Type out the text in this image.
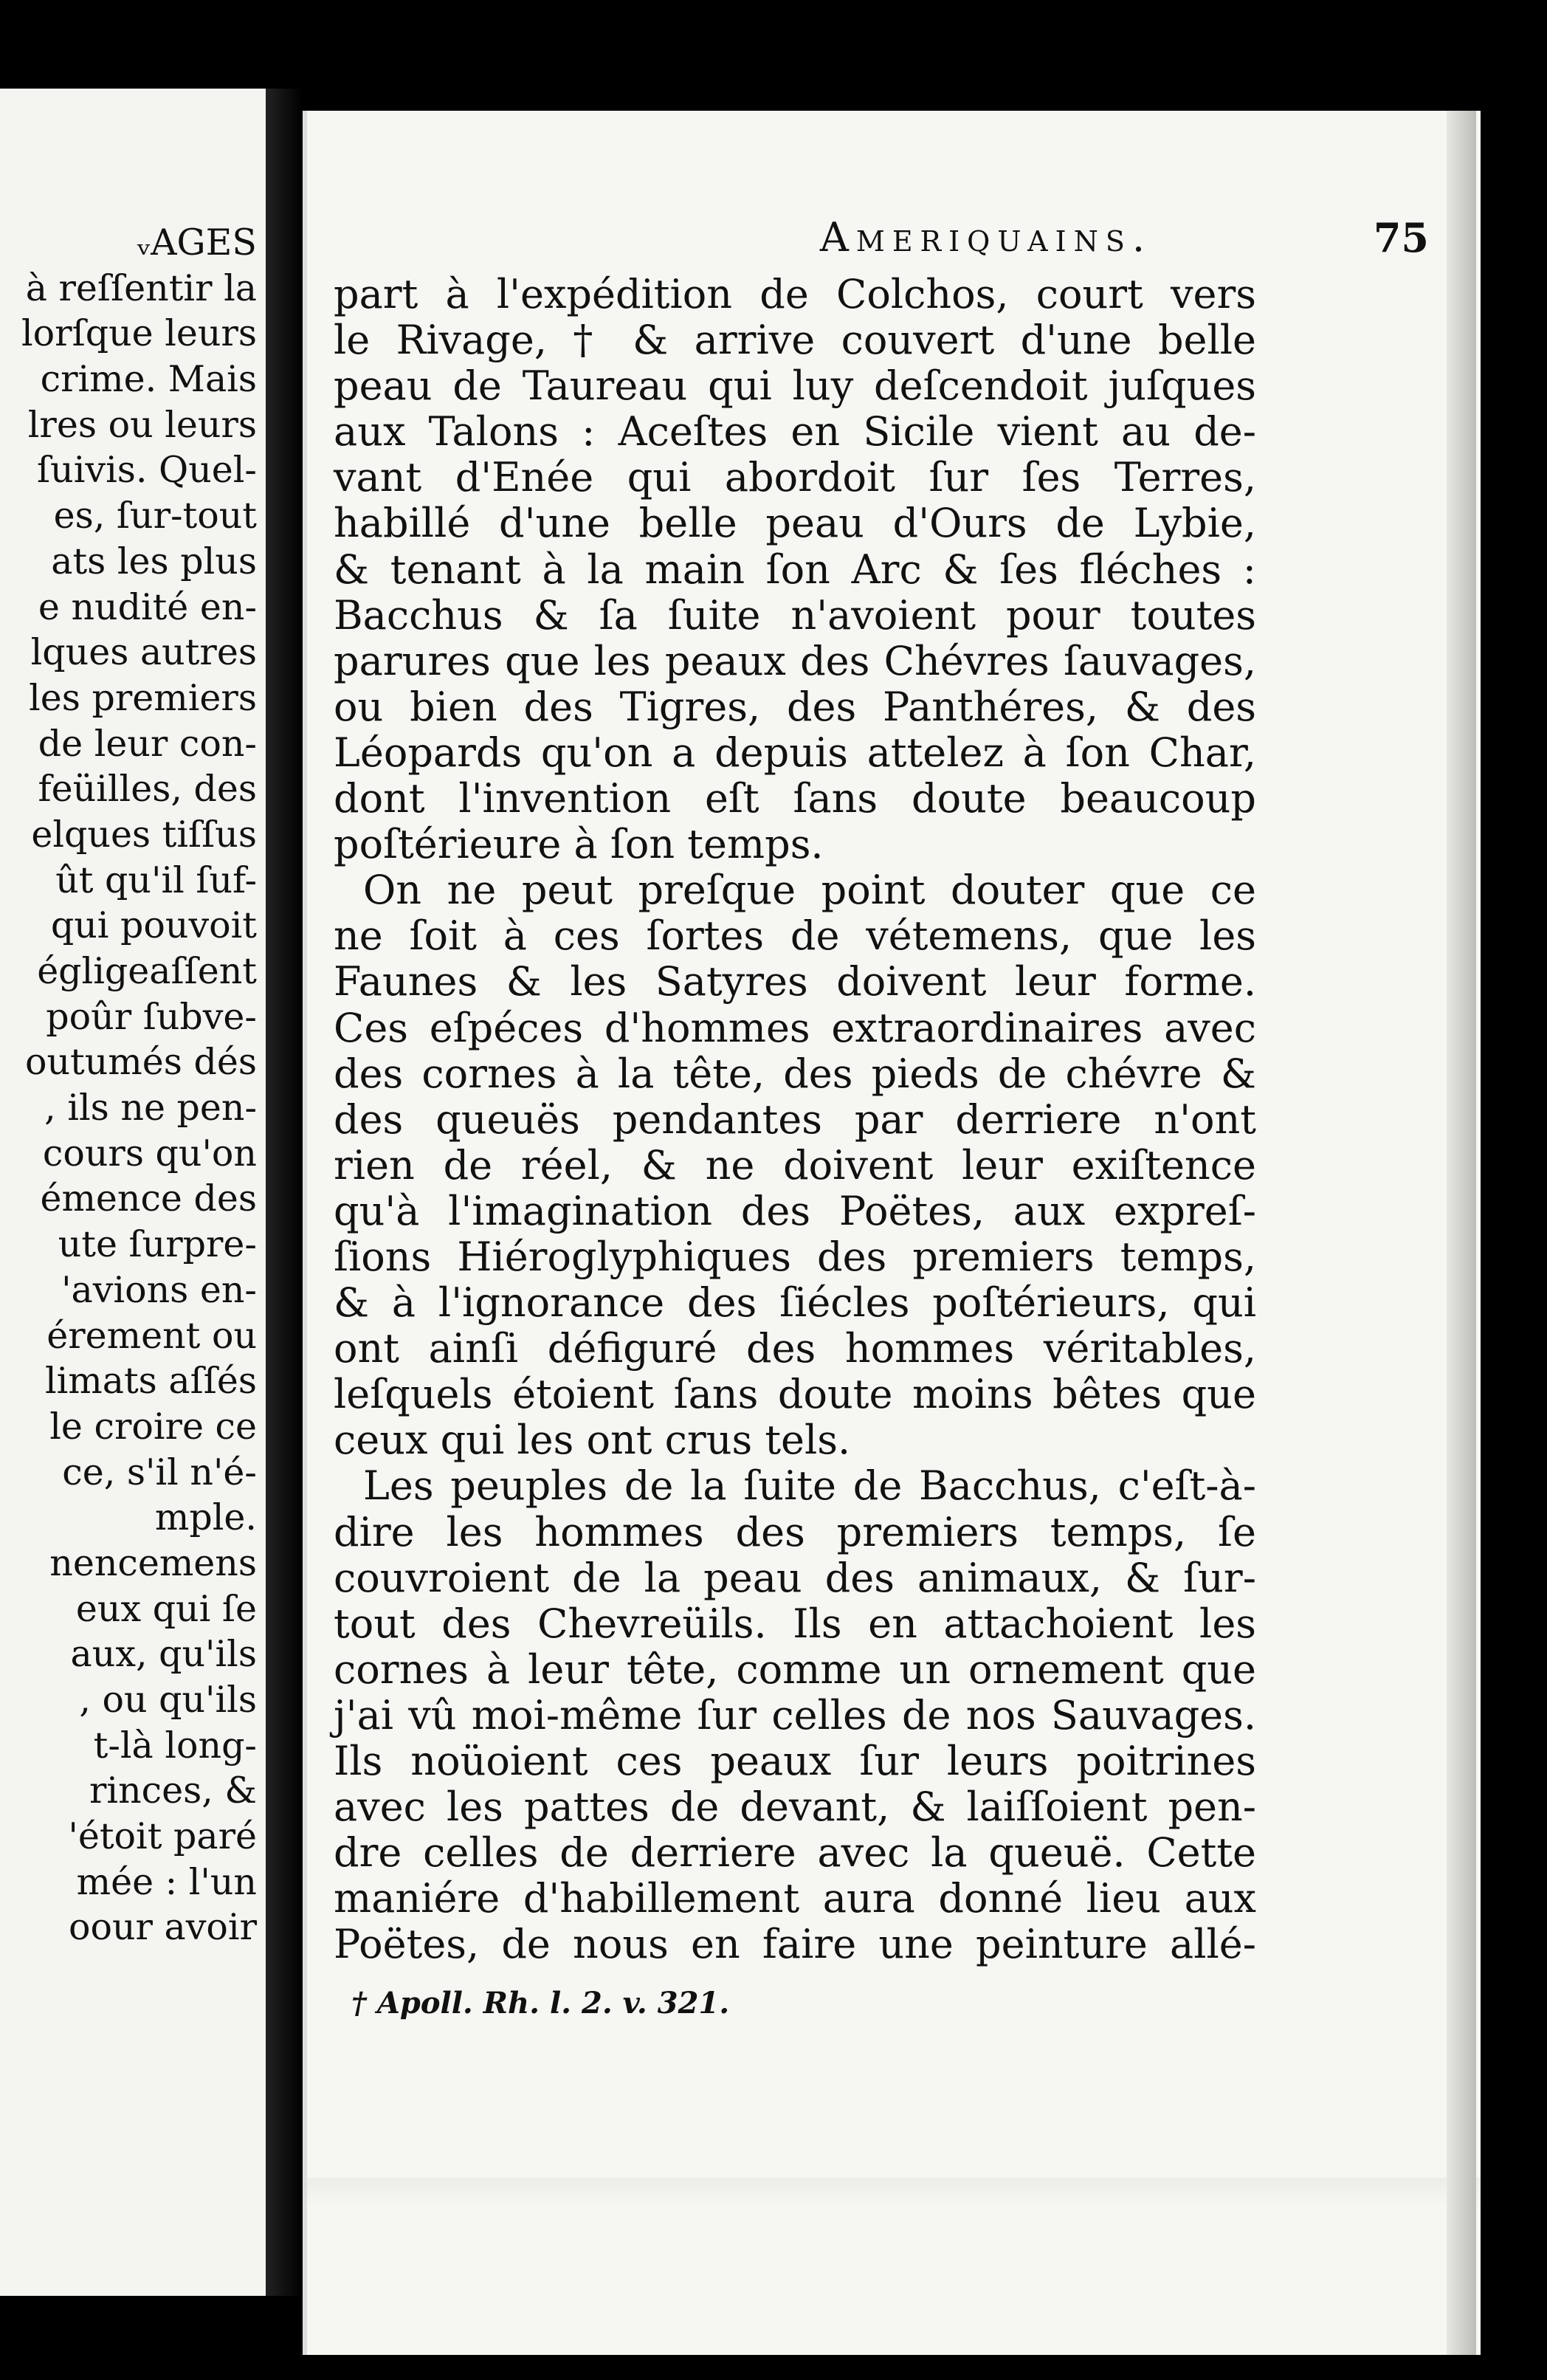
ᵥAGES
à reſſentir la
lorſque leurs
crime. Mais
lres ou leurs
ſuivis. Quel-
es, ſur-tout
ats les plus
e nudité en-
lques autres
les premiers
de leur con-
feüilles, des
elques tiſſus
ût qu'il ſuf-
qui pouvoit
égligeaſſent
poûr ſubve-
outumés dés
, ils ne pen-
cours qu'on
émence des
ute ſurpre-
'avions en-
érement ou
limats aſſés
le croire ce
ce, s'il n'é-
mple.
nencemens
eux qui ſe
aux, qu'ils
, ou qu'ils
t-là long-
rinces, &
'étoit paré
mée : l'un
oour avoir
Ameriquains.	75
part à l'expédition de Colchos, court vers
le Rivage, † & arrive couvert d'une belle
peau de Taureau qui luy deſcendoit juſques
aux Talons : Aceſtes en Sicile vient au de-
vant d'Enée qui abordoit ſur ſes Terres,
habillé d'une belle peau d'Ours de Lybie,
& tenant à la main ſon Arc & ſes fléches :
Bacchus & ſa ſuite n'avoient pour toutes
parures que les peaux des Chévres ſauvages,
ou bien des Tigres, des Panthéres, & des
Léopards qu'on a depuis attelez à ſon Char,
dont l'invention eſt ſans doute beaucoup
poſtérieure à ſon temps.
On ne peut preſque point douter que ce
ne ſoit à ces ſortes de vétemens, que les
Faunes & les Satyres doivent leur forme.
Ces eſpéces d'hommes extraordinaires avec
des cornes à la tête, des pieds de chévre &
des queuës pendantes par derriere n'ont
rien de réel, & ne doivent leur exiſtence
qu'à l'imagination des Poëtes, aux expreſ-
ſions Hiéroglyphiques des premiers temps,
& à l'ignorance des ſiécles poſtérieurs, qui
ont ainſi défiguré des hommes véritables,
leſquels étoient ſans doute moins bêtes que
ceux qui les ont crus tels.
Les peuples de la ſuite de Bacchus, c'eſt-à-
dire les hommes des premiers temps, ſe
couvroient de la peau des animaux, & ſur-
tout des Chevreüils. Ils en attachoient les
cornes à leur tête, comme un ornement que
j'ai vû moi-même ſur celles de nos Sauvages.
Ils noüoient ces peaux ſur leurs poitrines
avec les pattes de devant, & laiſſoient pen-
dre celles de derriere avec la queuë. Cette
maniére d'habillement aura donné lieu aux
Poëtes, de nous en faire une peinture allé-
† Apoll. Rh. l. 2. v. 321.
